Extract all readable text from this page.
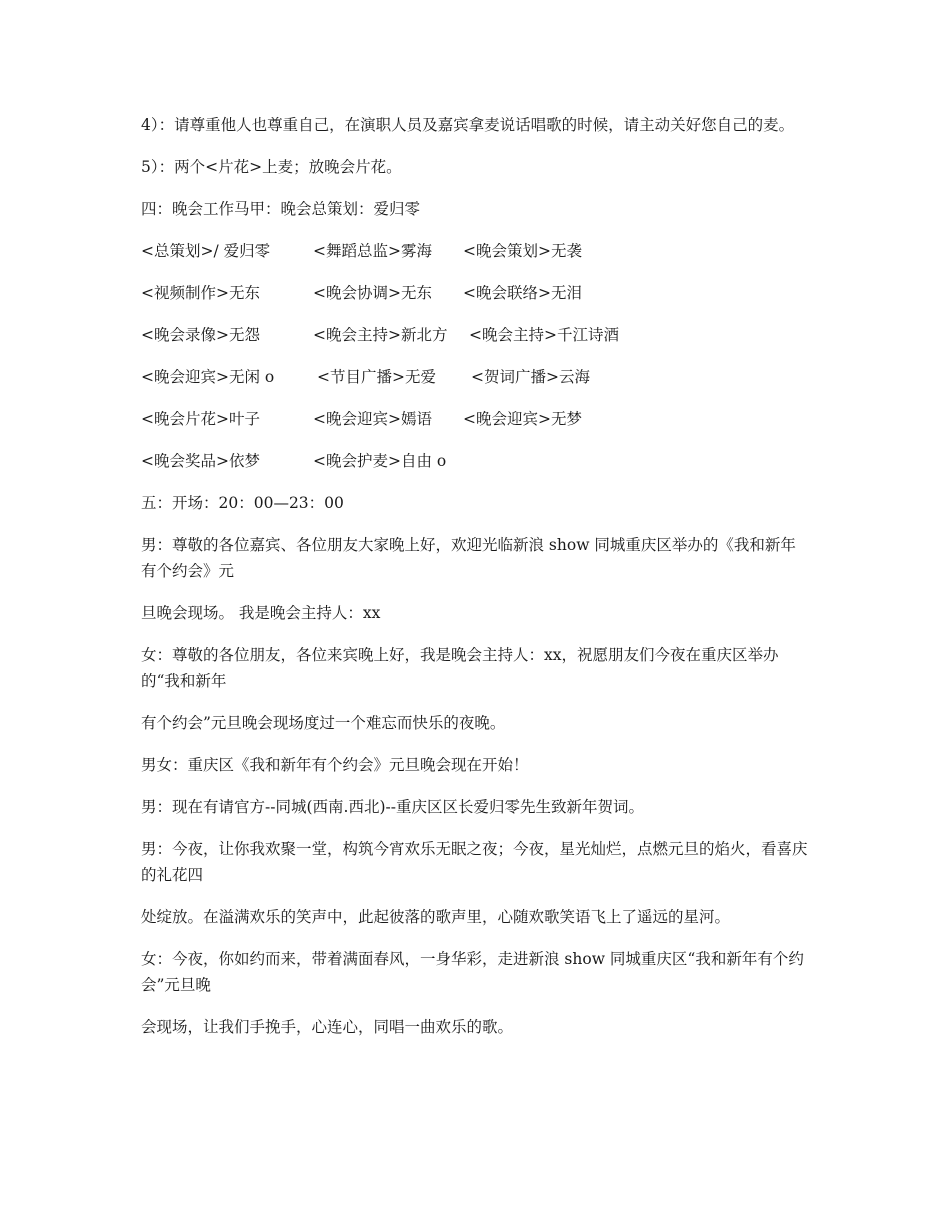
4）：请尊重他人也尊重自己，在演职人员及嘉宾拿麦说话唱歌的时候，请主动关好您自己的麦。

5）：两个<片花>上麦；放晚会片花。

四：晚会工作马甲：晚会总策划：爱归零

<总策划>/ 爱归零	<舞蹈总监>雾海	<晚会策划>无袭
<视频制作>无东	<晚会协调>无东	<晚会联络>无泪
<晚会录像>无怨	<晚会主持>新北方	<晚会主持>千江诗酒
<晚会迎宾>无闲 o	<节目广播>无爱	<贺词广播>云海
<晚会片花>叶子	<晚会迎宾>嫣语	<晚会迎宾>无梦
<晚会奖品>依梦	<晚会护麦>自由 o

五：开场：20：00—23：00

男：尊敬的各位嘉宾、各位朋友大家晚上好，欢迎光临新浪 show 同城重庆区举办的《我和新年有个约会》元

旦晚会现场。 我是晚会主持人：xx

女：尊敬的各位朋友，各位来宾晚上好，我是晚会主持人：xx，祝愿朋友们今夜在重庆区举办的“我和新年

有个约会”元旦晚会现场度过一个难忘而快乐的夜晚。

男女：重庆区《我和新年有个约会》元旦晚会现在开始！

男：现在有请官方--同城(西南.西北)--重庆区区长爱归零先生致新年贺词。

男：今夜，让你我欢聚一堂，构筑今宵欢乐无眠之夜；今夜，星光灿烂，点燃元旦的焰火，看喜庆的礼花四

处绽放。在溢满欢乐的笑声中，此起彼落的歌声里，心随欢歌笑语飞上了遥远的星河。

女：今夜，你如约而来，带着满面春风，一身华彩，走进新浪 show 同城重庆区“我和新年有个约会”元旦晚

会现场，让我们手挽手，心连心，同唱一曲欢乐的歌。
